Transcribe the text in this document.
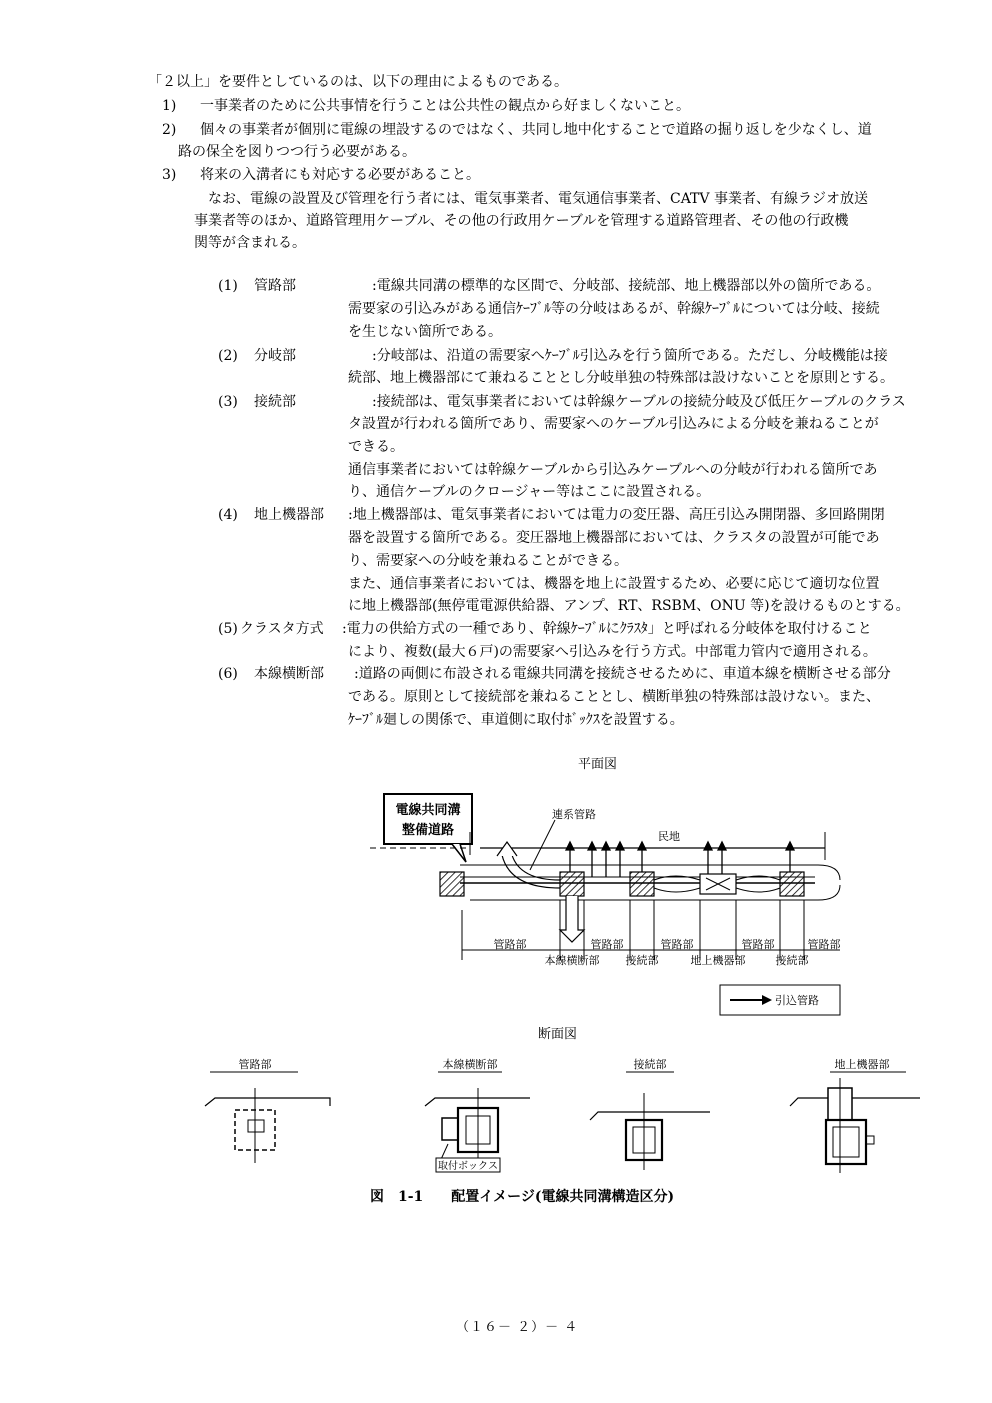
「２以上」を要件としているのは、以下の理由によるものである。
1) 一事業者のために公共事情を行うことは公共性の観点から好ましくないこと。
2) 個々の事業者が個別に電線の埋設するのではなく、共同し地中化することで道路の掘り返しを少なくし、道
路の保全を図りつつ行う必要がある。
3) 将来の入溝者にも対応する必要があること。
なお、電線の設置及び管理を行う者には、電気事業者、電気通信事業者、CATV 事業者、有線ラジオ放送
事業者等のほか、道路管理用ケーブル、その他の行政用ケーブルを管理する道路管理者、その他の行政機
関等が含まれる。
(1) 管路部	:電線共同溝の標準的な区間で、分岐部、接続部、地上機器部以外の箇所である。
需要家の引込みがある通信ｹｰﾌﾞﾙ等の分岐はあるが、幹線ｹｰﾌﾞﾙについては分岐、接続
を生じない箇所である。
(2) 分岐部	:分岐部は、沿道の需要家へｹｰﾌﾞﾙ引込みを行う箇所である。ただし、分岐機能は接
続部、地上機器部にて兼ねることとし分岐単独の特殊部は設けないことを原則とする。
(3) 接続部	:接続部は、電気事業者においては幹線ケーブルの接続分岐及び低圧ケーブルのクラス
タ設置が行われる箇所であり、需要家へのケーブル引込みによる分岐を兼ねることが
できる。
通信事業者においては幹線ケーブルから引込みケーブルへの分岐が行われる箇所であ
り、通信ケーブルのクロージャー等はここに設置される。
(4) 地上機器部 :地上機器部は、電気事業者においては電力の変圧器、高圧引込み開閉器、多回路開閉
器を設置する箇所である。変圧器地上機器部においては、クラスタの設置が可能であ
り、需要家への分岐を兼ねることができる。
また、通信事業者においては、機器を地上に設置するため、必要に応じて適切な位置
に地上機器部(無停電電源供給器、アンプ、RT、RSBM、ONU 等)を設けるものとする。
(5) クラスタ方式 :電力の供給方式の一種であり、幹線ｹｰﾌﾞﾙにｸﾗｽﾀ」と呼ばれる分岐体を取付けること
により、複数(最大６戸)の需要家へ引込みを行う方式。中部電力管内で適用される。
(6) 本線横断部 :道路の両側に布設される電線共同溝を接続させるために、車道本線を横断させる部分
である。原則として接続部を兼ねることとし、横断単独の特殊部は設けない。また、
ｹｰﾌﾞﾙ廻しの関係で、車道側に取付ﾎﾞｯｸｽを設置する。
平面図
電線共同溝
整備道路
連系管路
民地
管路部	管路部	管路部	管路部	管路部
本線横断部 接続部	地上機器部	接続部
引込管路
断面図
管路部	本線横断部
取付ボックス
接続部	地上機器部
図　1-1　　配置イメージ(電線共同溝構造区分)
（１６－ ２）－ ４
